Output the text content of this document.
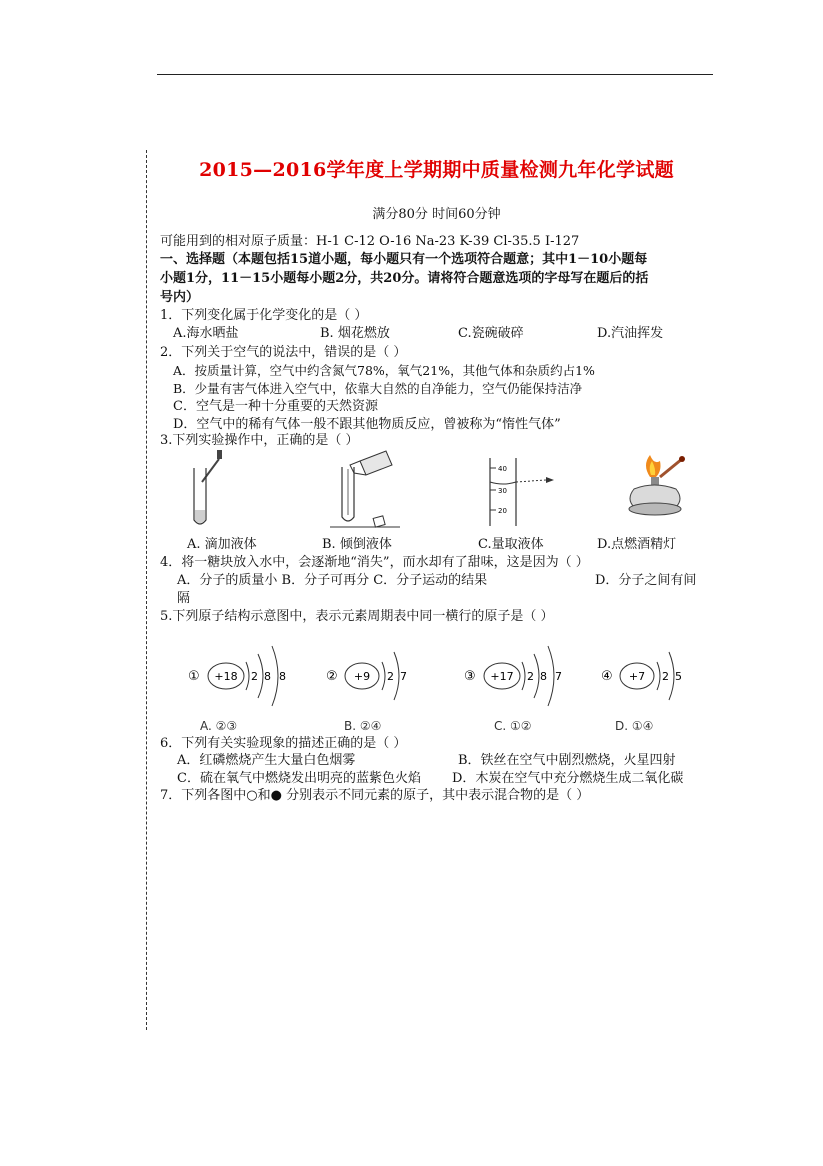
2015—2016学年度上学期期中质量检测九年化学试题
满分80分 时间60分钟
可能用到的相对原子质量：H-1 C-12 O-16 Na-23 K-39 Cl-35.5 I-127
一、选择题（本题包括15道小题，每小题只有一个选项符合题意；其中1－10小题每
小题1分，11－15小题每小题2分，共20分。请将符合题意选项的字母写在题后的括
号内）
1．下列变化属于化学变化的是（ ）
A.海水晒盐	B. 烟花燃放	C.瓷碗破碎	D.汽油挥发
2．下列关于空气的说法中，错误的是（ ）
A．按质量计算，空气中约含氮气78%，氧气21%，其他气体和杂质约占1%
B．少量有害气体进入空气中，依靠大自然的自净能力，空气仍能保持洁净
C．空气是一种十分重要的天然资源
D．空气中的稀有气体一般不跟其他物质反应，曾被称为“惰性气体”
3.下列实验操作中，正确的是（ ）
40
30
20
A. 滴加液体	B. 倾倒液体	C.量取液体	D.点燃酒精灯
4．将一糖块放入水中，会逐渐地“消失”，而水却有了甜味，这是因为（ ）
A．分子的质量小 B．分子可再分 C．分子运动的结果	D．分子之间有间
隔
5.下列原子结构示意图中，表示元素周期表中同一横行的原子是（ ）
① +18 2 8 8	② +9 2 7	③ +17 2 8 7	④ +7 2 5
A. ②③	B. ②④	C. ①②	D. ①④
6．下列有关实验现象的描述正确的是（ ）
A．红磷燃烧产生大量白色烟雾	B．铁丝在空气中剧烈燃烧，火星四射
C．硫在氧气中燃烧发出明亮的蓝紫色火焰 D．木炭在空气中充分燃烧生成二氧化碳
7．下列各图中○和● 分别表示不同元素的原子，其中表示混合物的是（ ）
